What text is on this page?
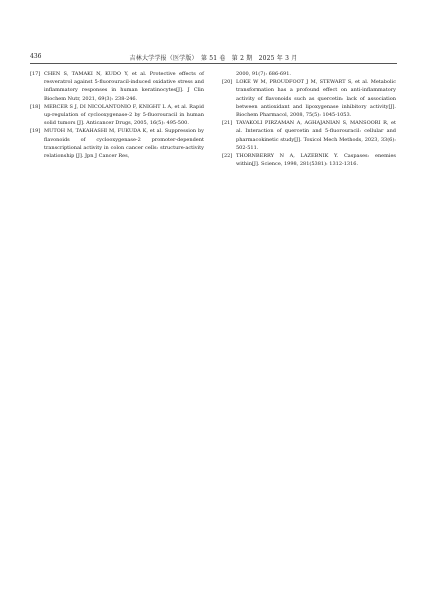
436	吉林大学学报（医学版）　第 51 卷　第 2 期　2025 年 3 月
[17] CHEN S, TAMAKI N, KUDO Y, et al. Protective effects of resveratrol against 5-fluorouracil-induced oxidative stress and inflammatory responses in human keratinocytes[J]. J Clin Biochem Nutr, 2021, 69(3): 238-246.
[18] MERCER S J, DI NICOLANTONIO F, KNIGHT L A, et al. Rapid up-regulation of cyclooxygenase-2 by 5-fluorouracil in human solid tumors [J]. Anticancer Drugs, 2005, 16(5): 495-500.
[19] MUTOH M, TAKAHASHI M, FUKUDA K, et al. Suppression by flavonoids of cyclooxygenase-2 promoter-dependent transcriptional activity in colon cancer cells: structure-activity relationship [J]. Jpn J Cancer Res,
2000, 91(7): 686-691.
[20] LOKE W M, PROUDFOOT J M, STEWART S, et al. Metabolic transformation has a profound effect on anti-inflammatory activity of flavonoids such as quercetin: lack of association between antioxidant and lipoxygenase inhibitory activity[J]. Biochem Pharmacol, 2008, 75(5): 1045-1053.
[21] TAVAKOLI PIRZAMAN A, AGHAJANIAN S, MANSOORI R, et al. Interaction of quercetin and 5-fluorouracil: cellular and pharmacokinetic study[J]. Toxicol Mech Methods, 2023, 33(6): 502-511.
[22] THORNBERRY N A, LAZEBNIK Y. Caspases: enemies within[J]. Science, 1998, 281(5381): 1312-1316.
